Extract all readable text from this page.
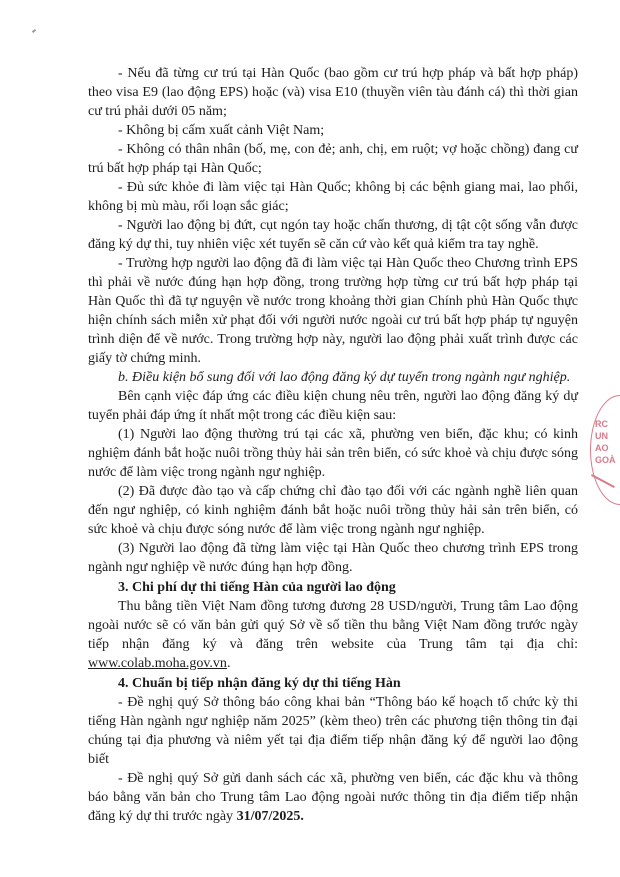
- Nếu đã từng cư trú tại Hàn Quốc (bao gồm cư trú hợp pháp và bất hợp pháp) theo visa E9 (lao động EPS) hoặc (và) visa E10 (thuyền viên tàu đánh cá) thì thời gian cư trú phải dưới 05 năm;

- Không bị cấm xuất cảnh Việt Nam;

- Không có thân nhân (bố, mẹ, con đẻ; anh, chị, em ruột; vợ hoặc chồng) đang cư trú bất hợp pháp tại Hàn Quốc;

- Đủ sức khỏe đi làm việc tại Hàn Quốc; không bị các bệnh giang mai, lao phổi, không bị mù màu, rối loạn sắc giác;

- Người lao động bị đứt, cụt ngón tay hoặc chấn thương, dị tật cột sống vẫn được đăng ký dự thi, tuy nhiên việc xét tuyển sẽ căn cứ vào kết quả kiểm tra tay nghề.

- Trường hợp người lao động đã đi làm việc tại Hàn Quốc theo Chương trình EPS thì phải về nước đúng hạn hợp đồng, trong trường hợp từng cư trú bất hợp pháp tại Hàn Quốc thì đã tự nguyện về nước trong khoảng thời gian Chính phủ Hàn Quốc thực hiện chính sách miễn xử phạt đối với người nước ngoài cư trú bất hợp pháp tự nguyện trình diện để về nước. Trong trường hợp này, người lao động phải xuất trình được các giấy tờ chứng minh.

b. Điều kiện bổ sung đối với lao động đăng ký dự tuyển trong ngành ngư nghiệp.

Bên cạnh việc đáp ứng các điều kiện chung nêu trên, người lao động đăng ký dự tuyển phải đáp ứng ít nhất một trong các điều kiện sau:

(1) Người lao động thường trú tại các xã, phường ven biển, đặc khu; có kinh nghiệm đánh bắt hoặc nuôi trồng thủy hải sản trên biển, có sức khoẻ và chịu được sóng nước để làm việc trong ngành ngư nghiệp.

(2) Đã được đào tạo và cấp chứng chỉ đào tạo đối với các ngành nghề liên quan đến ngư nghiệp, có kinh nghiệm đánh bắt hoặc nuôi trồng thủy hải sản trên biển, có sức khoẻ và chịu được sóng nước để làm việc trong ngành ngư nghiệp.

(3) Người lao động đã từng làm việc tại Hàn Quốc theo chương trình EPS trong ngành ngư nghiệp về nước đúng hạn hợp đồng.

3. Chi phí dự thi tiếng Hàn của người lao động

Thu bằng tiền Việt Nam đồng tương đương 28 USD/người, Trung tâm Lao động ngoài nước sẽ có văn bản gửi quý Sở về số tiền thu bằng Việt Nam đồng trước ngày tiếp nhận đăng ký và đăng trên website của Trung tâm tại địa chỉ: www.colab.moha.gov.vn.

4. Chuẩn bị tiếp nhận đăng ký dự thi tiếng Hàn

- Đề nghị quý Sở thông báo công khai bản “Thông báo kế hoạch tổ chức kỳ thi tiếng Hàn ngành ngư nghiệp năm 2025” (kèm theo) trên các phương tiện thông tin đại chúng tại địa phương và niêm yết tại địa điểm tiếp nhận đăng ký để người lao động biết

- Đề nghị quý Sở gửi danh sách các xã, phường ven biển, các đặc khu và thông báo bằng văn bản cho Trung tâm Lao động ngoài nước thông tin địa điểm tiếp nhận đăng ký dự thi trước ngày 31/07/2025.

RC
UN
AO
GOÀ
